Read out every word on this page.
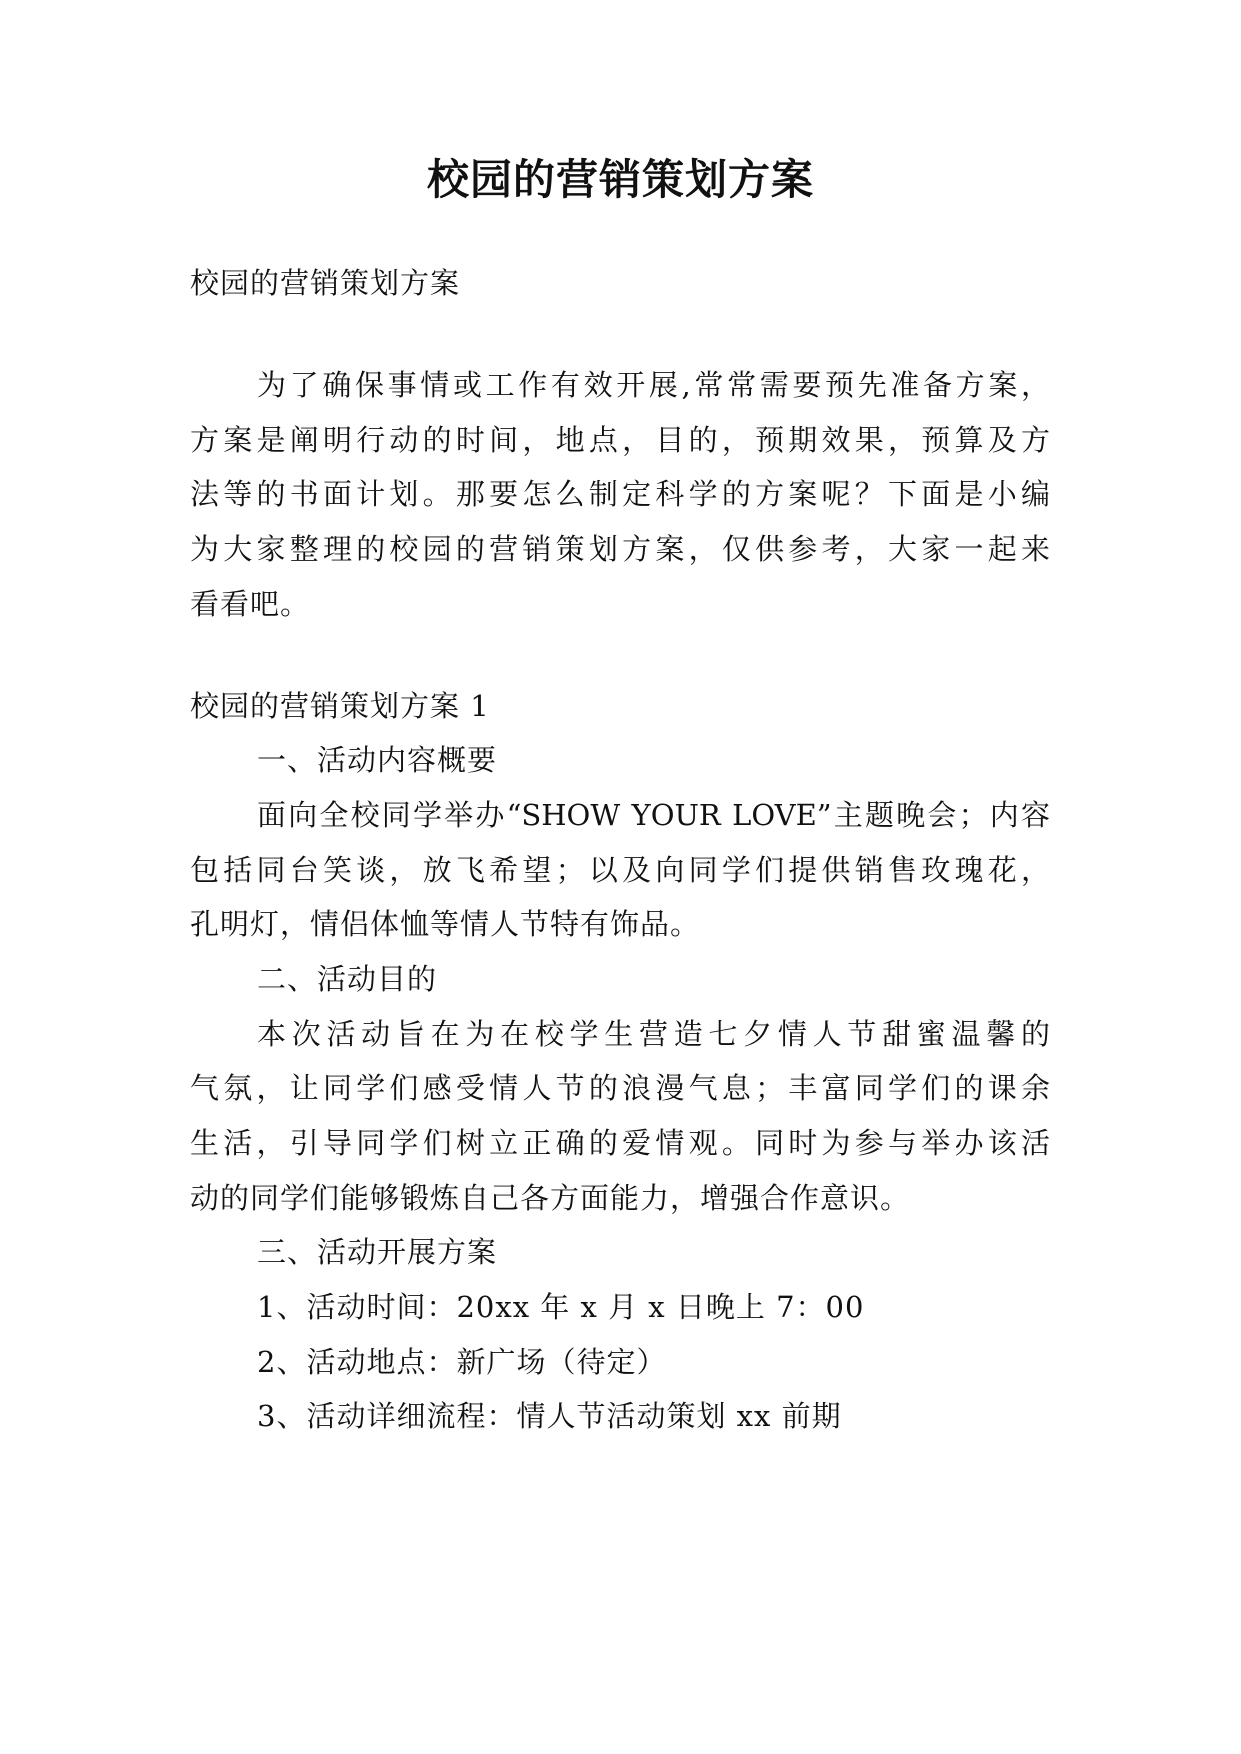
校园的营销策划方案

校园的营销策划方案

为了确保事情或工作有效开展,常常需要预先准备方案，

方案是阐明行动的时间，地点，目的，预期效果，预算及方

法等的书面计划。那要怎么制定科学的方案呢？下面是小编

为大家整理的校园的营销策划方案，仅供参考，大家一起来

看看吧。

校园的营销策划方案 1

一、活动内容概要

面向全校同学举办“SHOW YOUR LOVE”主题晚会；内容

包括同台笑谈，放飞希望；以及向同学们提供销售玫瑰花，

孔明灯，情侣体恤等情人节特有饰品。

二、活动目的

本次活动旨在为在校学生营造七夕情人节甜蜜温馨的

气氛，让同学们感受情人节的浪漫气息；丰富同学们的课余

生活，引导同学们树立正确的爱情观。同时为参与举办该活

动的同学们能够锻炼自己各方面能力，增强合作意识。

三、活动开展方案

1、活动时间：20xx 年 x 月 x 日晚上 7：00

2、活动地点：新广场（待定）

3、活动详细流程：情人节活动策划 xx 前期
